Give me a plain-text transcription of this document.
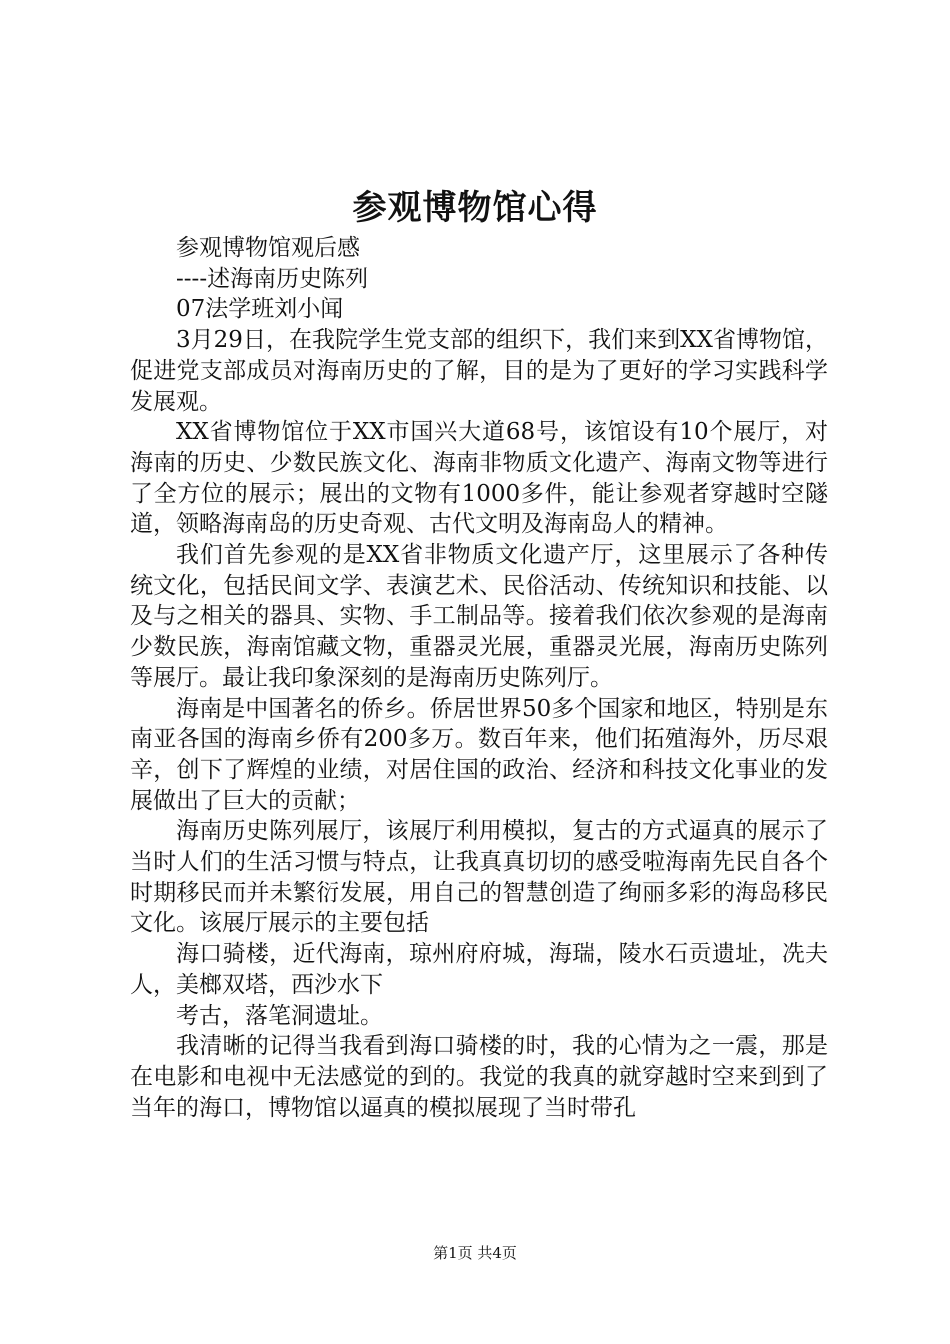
参观博物馆心得

参观博物馆观后感

----述海南历史陈列

07法学班刘小闻

3月29日，在我院学生党支部的组织下，我们来到XX省博物馆，促进党支部成员对海南历史的了解，目的是为了更好的学习实践科学发展观。

XX省博物馆位于XX市国兴大道68号，该馆设有10个展厅，对海南的历史、少数民族文化、海南非物质文化遗产、海南文物等进行了全方位的展示；展出的文物有1000多件，能让参观者穿越时空隧道，领略海南岛的历史奇观、古代文明及海南岛人的精神。

我们首先参观的是XX省非物质文化遗产厅，这里展示了各种传统文化，包括民间文学、表演艺术、民俗活动、传统知识和技能、以及与之相关的器具、实物、手工制品等。接着我们依次参观的是海南少数民族，海南馆藏文物，重器灵光展，重器灵光展，海南历史陈列等展厅。最让我印象深刻的是海南历史陈列厅。

海南是中国著名的侨乡。侨居世界50多个国家和地区，特别是东南亚各国的海南乡侨有200多万。数百年来，他们拓殖海外，历尽艰辛，创下了辉煌的业绩，对居住国的政治、经济和科技文化事业的发展做出了巨大的贡献；

海南历史陈列展厅，该展厅利用模拟，复古的方式逼真的展示了当时人们的生活习惯与特点，让我真真切切的感受啦海南先民自各个时期移民而并未繁衍发展，用自己的智慧创造了绚丽多彩的海岛移民文化。该展厅展示的主要包括

海口骑楼，近代海南，琼州府府城，海瑞，陵水石贡遗址，冼夫人，美榔双塔，西沙水下

考古，落笔洞遗址。

我清晰的记得当我看到海口骑楼的时，我的心情为之一震，那是在电影和电视中无法感觉的到的。我觉的我真的就穿越时空来到到了当年的海口，博物馆以逼真的模拟展现了当时带孔

第1页 共4页
